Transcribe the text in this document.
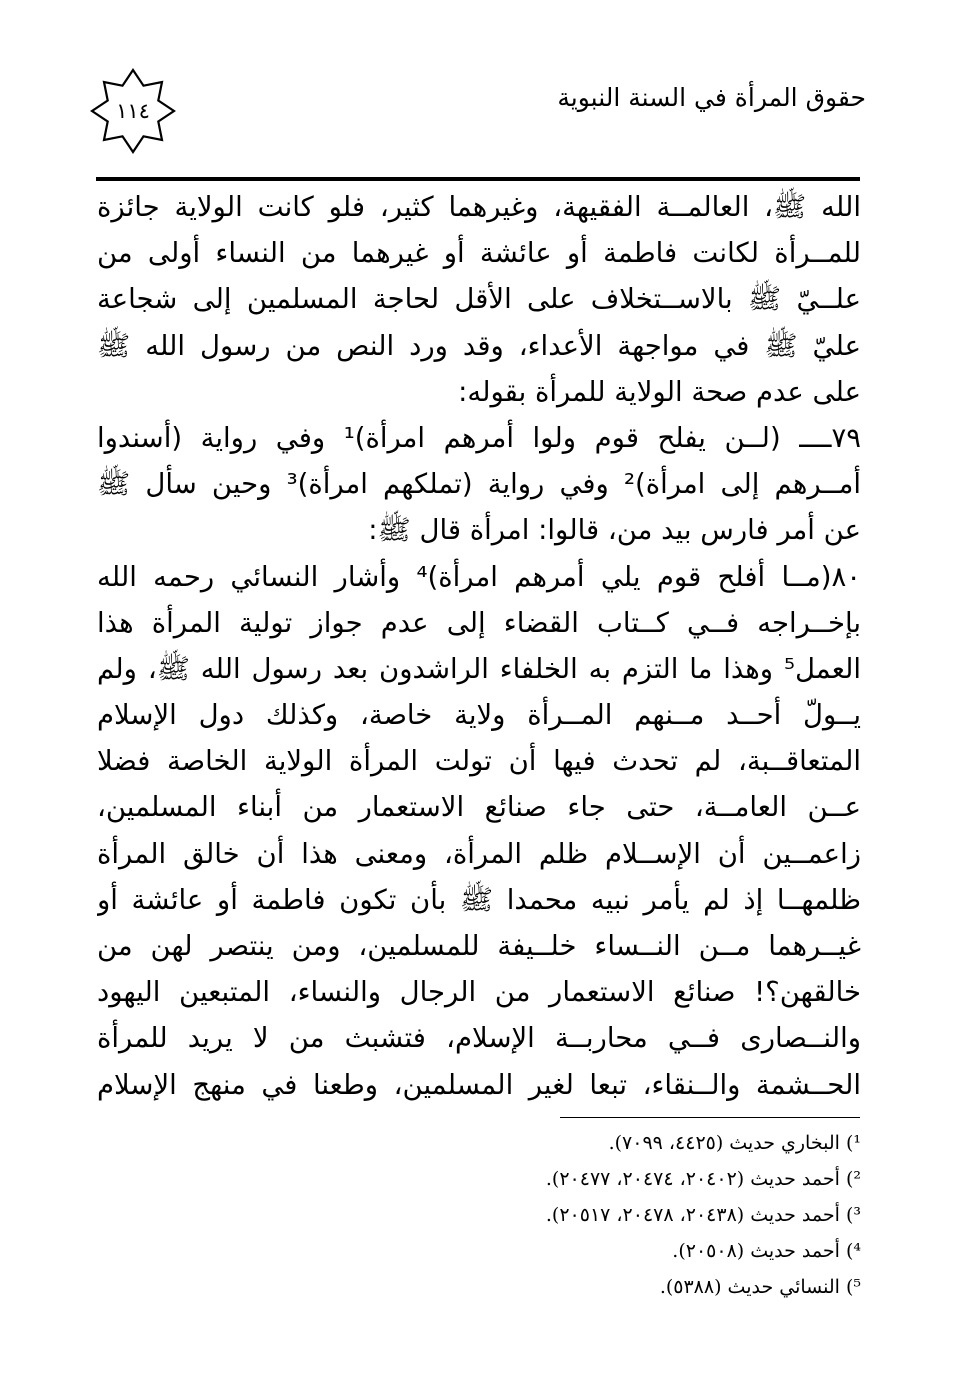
١١٤	حقوق المرأة في السنة النبوية
الله ﷺ، العالمــة الفقيهة، وغيرهما كثير، فلو كانت الولاية جائزة
للمــرأة لكانت فاطمة أو عائشة أو غيرهما من النساء أولى من
علــيّ ﷺ بالاســتخلاف على الأقل لحاجة المسلمين إلى شجاعة
عليّ ﷺ في مواجهة الأعداء، وقد ورد النص من رسول الله ﷺ
على عدم صحة الولاية للمرأة بقوله:
٧٩ــــ (لــن يفلح قوم ولوا أمرهم امرأة)¹ وفي رواية (أسندوا
أمــرهم إلى امرأة)² وفي رواية (تملكهم امرأة)³ وحين سأل ﷺ
عن أمر فارس بيد من، قالوا: امرأة قال ﷺ:
٨٠(مــا أفلح قوم يلي أمرهم امرأة)⁴ وأشار النسائي رحمه الله
بإخــراجه فــي كــتاب القضاء إلى عدم جواز تولية المرأة هذا
العمل⁵ وهذا ما التزم به الخلفاء الراشدون بعد رسول الله ﷺ، ولم
يــولّ أحــد مــنهم المــرأة ولاية خاصة، وكذلك دول الإسلام
المتعاقــبة، لم تحدث فيها أن تولت المرأة الولاية الخاصة فضلا
عــن العامــة، حتى جاء صنائع الاستعمار من أبناء المسلمين،
زاعمــين أن الإســلام ظلم المرأة، ومعنى هذا أن خالق المرأة
ظلمهــا إذ لم يأمر نبيه محمدا ﷺ بأن تكون فاطمة أو عائشة أو
غيــرهما مــن النــساء خلــيفة للمسلمين، ومن ينتصر لهن من
خالقهن؟! صنائع الاستعمار من الرجال والنساء، المتبعين اليهود
والنــصارى فــي محاربــة الإسلام، فتشبث من لا يريد للمرأة
الحــشمة والــنقاء، تبعا لغير المسلمين، وطعنا في منهج الإسلام
¹) البخاري حديث (٤٤٢٥، ٧٠٩٩).
²) أحمد حديث (٢٠٤٠٢، ٢٠٤٧٤، ٢٠٤٧٧).
³) أحمد حديث (٢٠٤٣٨، ٢٠٤٧٨، ٢٠٥١٧).
⁴) أحمد حديث (٢٠٥٠٨).
⁵) النسائي حديث (٥٣٨٨).
